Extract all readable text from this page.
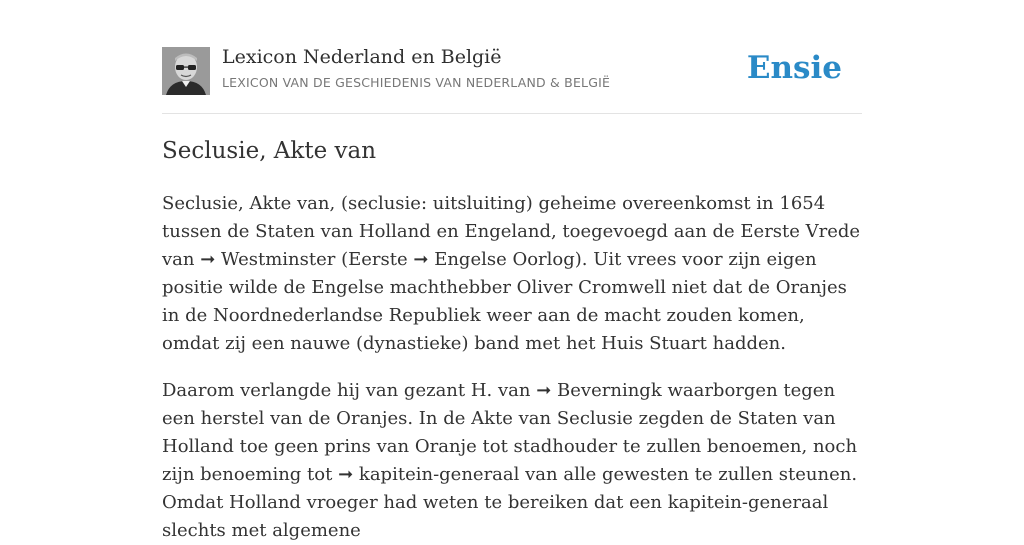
Lexicon Nederland en België
LEXICON VAN DE GESCHIEDENIS VAN NEDERLAND & BELGIË	Ensie
Seclusie, Akte van

Seclusie, Akte van, (seclusie: uitsluiting) geheime overeenkomst in 1654 tussen de Staten van Holland en Engeland, toegevoegd aan de Eerste Vrede van ➞ Westminster (Eerste ➞ Engelse Oorlog). Uit vrees voor zijn eigen positie wilde de Engelse machthebber Oliver Cromwell niet dat de Oranjes in de Noordnederlandse Republiek weer aan de macht zouden komen, omdat zij een nauwe (dynastieke) band met het Huis Stuart hadden.

Daarom verlangde hij van gezant H. van ➞ Beverningk waarborgen tegen een herstel van de Oranjes. In de Akte van Seclusie zegden de Staten van Holland toe geen prins van Oranje tot stadhouder te zullen benoemen, noch zijn benoeming tot ➞ kapitein-generaal van alle gewesten te zullen steunen. Omdat Holland vroeger had weten te bereiken dat een kapitein-generaal slechts met algemene
